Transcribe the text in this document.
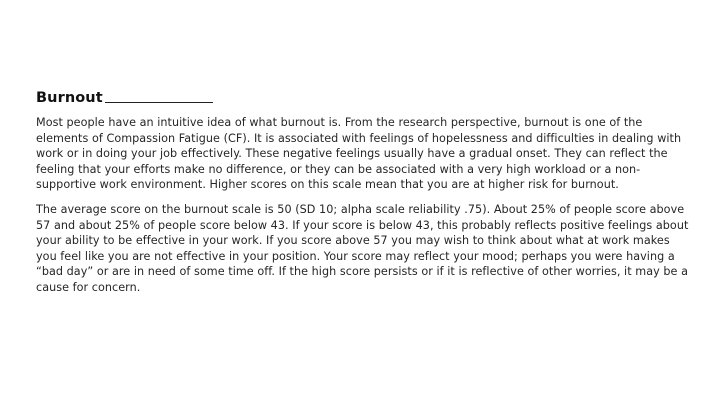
Burnout

Most people have an intuitive idea of what burnout is. From the research perspective, burnout is one of the elements of Compassion Fatigue (CF). It is associated with feelings of hopelessness and difficulties in dealing with work or in doing your job effectively. These negative feelings usually have a gradual onset. They can reflect the feeling that your efforts make no difference, or they can be associated with a very high workload or a non-supportive work environment. Higher scores on this scale mean that you are at higher risk for burnout.

The average score on the burnout scale is 50 (SD 10; alpha scale reliability .75). About 25% of people score above 57 and about 25% of people score below 43. If your score is below 43, this probably reflects positive feelings about your ability to be effective in your work. If you score above 57 you may wish to think about what at work makes you feel like you are not effective in your position. Your score may reflect your mood; perhaps you were having a “bad day” or are in need of some time off. If the high score persists or if it is reflective of other worries, it may be a cause for concern.
